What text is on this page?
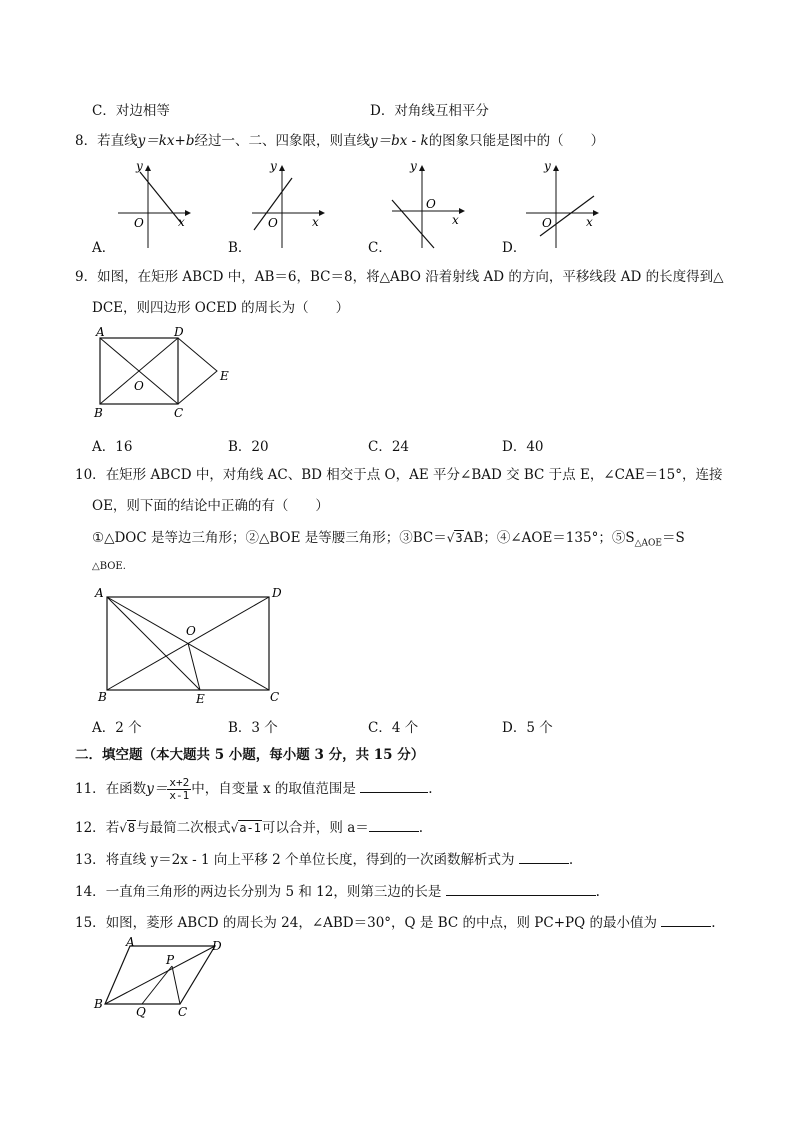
C．对边相等	D．对角线互相平分
8．若直线y＝kx+b经过一、二、四象限，则直线y＝bx - k的图象只能是图中的（　　）
y
x
O
A．
y
x
O
B．
y
x
O
C．
y
x
O
D．
9．如图，在矩形 ABCD 中，AB＝6，BC＝8，将△ABO 沿着射线 AD 的方向，平移线段 AD 的长度得到△
DCE，则四边形 OCED 的周长为（　　）
A	D
B	C
E
O
A．16	B．20	C．24	D．40
10．在矩形 ABCD 中，对角线 AC、BD 相交于点 O，AE 平分∠BAD 交 BC 于点 E，∠CAE＝15°，连接
OE，则下面的结论中正确的有（　　）
①△DOC 是等边三角形；②△BOE 是等腰三角形；③BC＝√3AB；④∠AOE＝135°；$⑤S_{\triangle AOE}=S$
△BOE.
A	D
B	C
E
O
A．2 个	B．3 个	C．4 个	D．5 个
二．填空题（本大题共 5 小题，每小题 3 分，共 15 分）
11．在函数$y= \frac{x+2}{x-1}$ 中，自变量 x 的取值范围是	.
12．若√8与最简二次根式√a-1可以合并，则 a＝	.
13．将直线 y＝2x - 1 向上平移 2 个单位长度，得到的一次函数解析式为	.
14．一直角三角形的两边长分别为 5 和 12，则第三边的长是	.
15．如图，菱形 ABCD 的周长为 24，∠ABD＝30°，Q 是 BC 的中点，则 PC+PQ 的最小值为	.
A	D
B
C
P
Q
